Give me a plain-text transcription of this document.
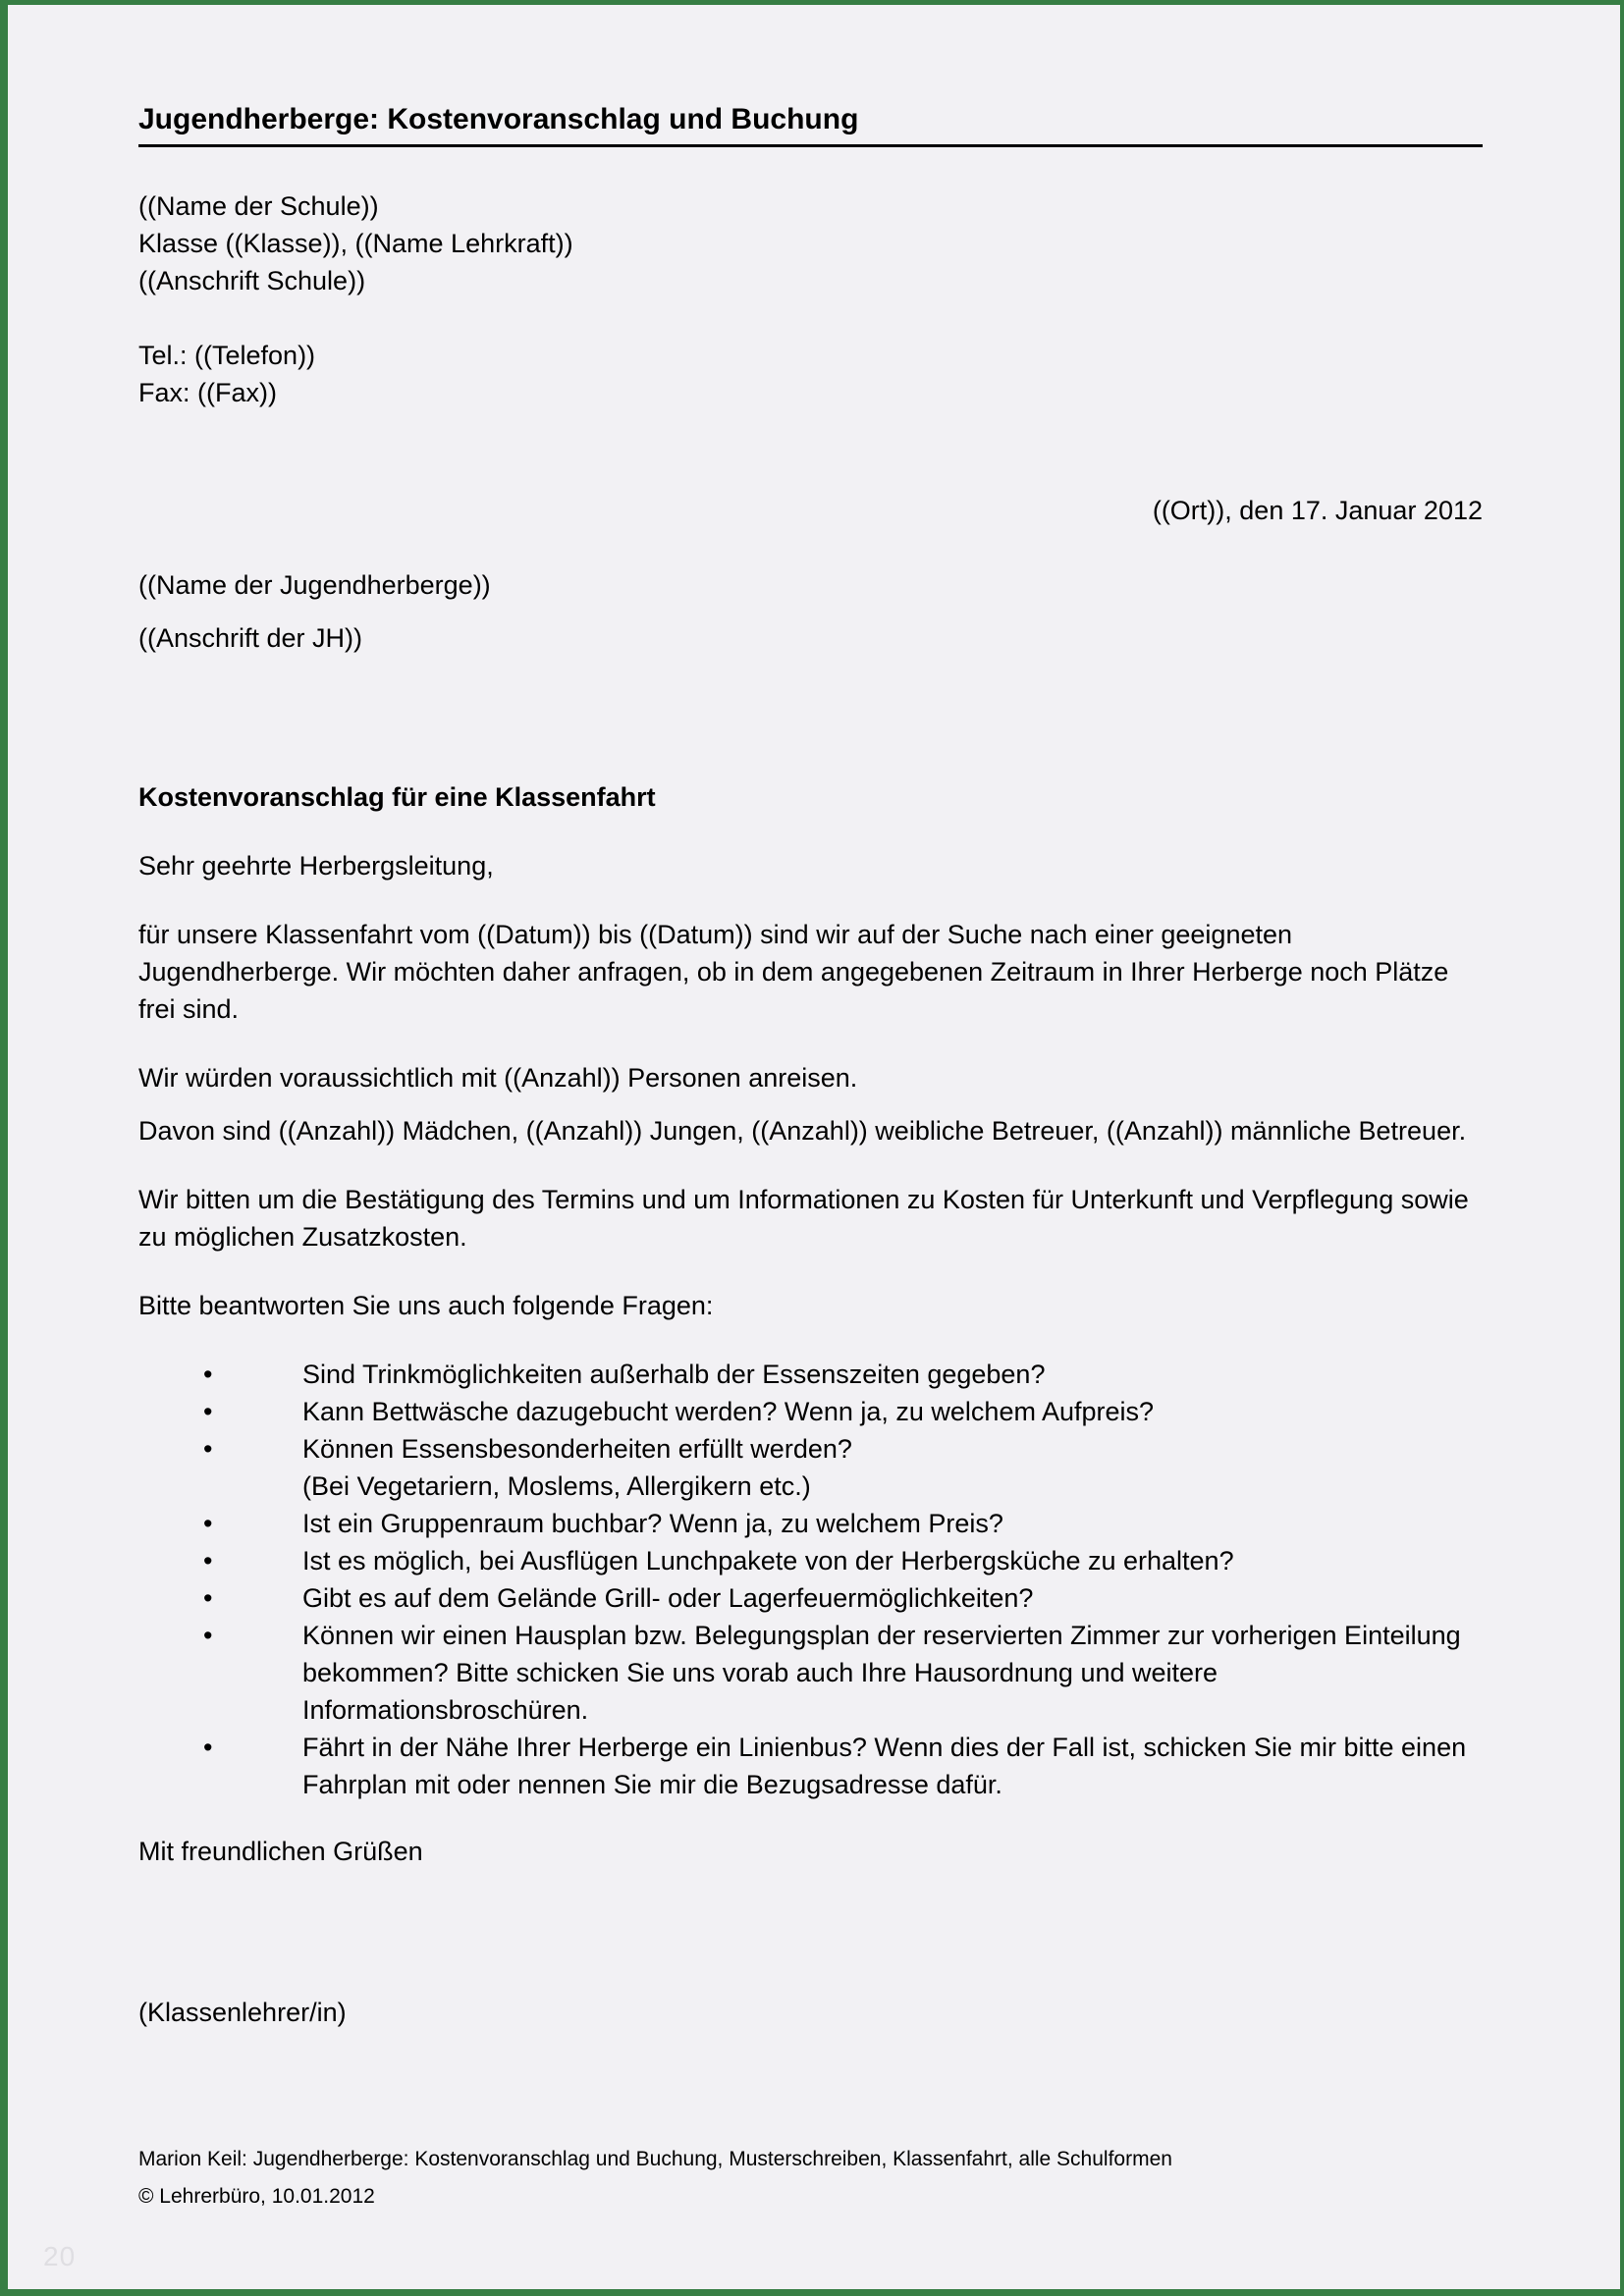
Jugendherberge: Kostenvoranschlag und Buchung

((Name der Schule))

Klasse ((Klasse)), ((Name Lehrkraft))

((Anschrift Schule))

Tel.: ((Telefon))

Fax: ((Fax))

((Ort)), den 17. Januar 2012

((Name der Jugendherberge))

((Anschrift der JH))

Kostenvoranschlag für eine Klassenfahrt

Sehr geehrte Herbergsleitung,

für unsere Klassenfahrt vom ((Datum)) bis ((Datum)) sind wir auf der Suche nach einer geeigneten Jugendherberge. Wir möchten daher anfragen, ob in dem angegebenen Zeitraum in Ihrer Herberge noch Plätze frei sind.

Wir würden voraussichtlich mit ((Anzahl)) Personen anreisen.

Davon sind ((Anzahl)) Mädchen, ((Anzahl)) Jungen, ((Anzahl)) weibliche Betreuer, ((Anzahl)) männliche Betreuer.

Wir bitten um die Bestätigung des Termins und um Informationen zu Kosten für Unterkunft und Verpflegung sowie zu möglichen Zusatzkosten.

Bitte beantworten Sie uns auch folgende Fragen:

•	Sind Trinkmöglichkeiten außerhalb der Essenszeiten gegeben?
•	Kann Bettwäsche dazugebucht werden? Wenn ja, zu welchem Aufpreis?
•	Können Essensbesonderheiten erfüllt werden?
(Bei Vegetariern, Moslems, Allergikern etc.)
•	Ist ein Gruppenraum buchbar? Wenn ja, zu welchem Preis?
•	Ist es möglich, bei Ausflügen Lunchpakete von der Herbergsküche zu erhalten?
•	Gibt es auf dem Gelände Grill- oder Lagerfeuermöglichkeiten?
•	Können wir einen Hausplan bzw. Belegungsplan der reservierten Zimmer zur vorherigen Einteilung bekommen? Bitte schicken Sie uns vorab auch Ihre Hausordnung und weitere Informationsbroschüren.
•	Fährt in der Nähe Ihrer Herberge ein Linienbus? Wenn dies der Fall ist, schicken Sie mir bitte einen Fahrplan mit oder nennen Sie mir die Bezugsadresse dafür.

Mit freundlichen Grüßen

(Klassenlehrer/in)

Marion Keil: Jugendherberge: Kostenvoranschlag und Buchung, Musterschreiben, Klassenfahrt, alle Schulformen

© Lehrerbüro, 10.01.2012

20
